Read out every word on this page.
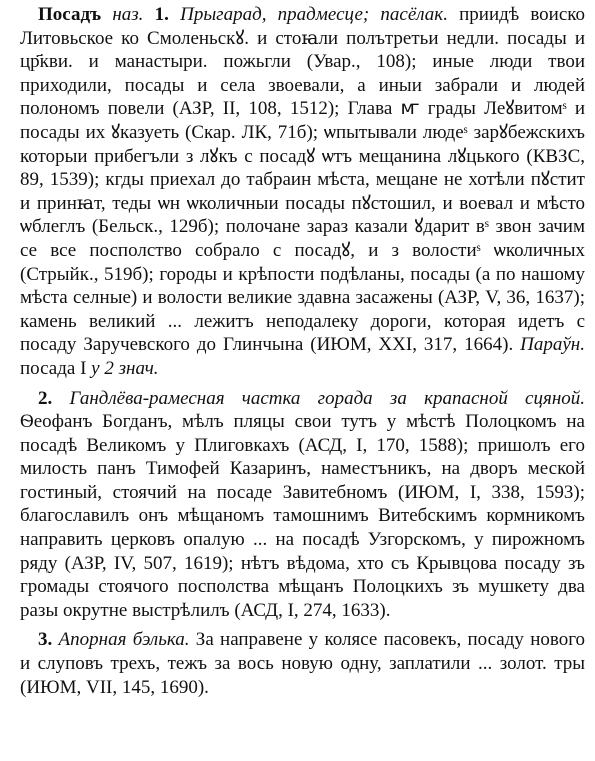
Посадъ наз. 1. Прыгарад, прадмесце; пасёлак. приидѣ воиско Литовьское ко Смоленьскꙋ. и стоꙗли полътретьи недли. посады и цр҃кви. и манастыри. пожьгли (Увар., 108); иные люди твои приходили, посады и села звоевали, а иныи забрали и людей полономъ повели (АЗР, II, 108, 1512); Глава ꙧ грады Леꙋвитомˢ и посады их ꙋказуеть (Скар. ЛК, 71б); ѡпытывали людеˢ зарꙋбежскихъ которыи прибегъли з лꙋкъ с посадꙋ ѡтъ мещанина лꙋцького (КВЗС, 89, 1539); кгды приехал до табраин мѣста, мещане не хотѣли пꙋстит и принꙗт, теды ѡн ѡколичныи посады пꙋстошил, и воевал и мѣсто ѡблеглъ (Бельск., 129б); полочане зараз казали ꙋдарит вˢ звон зачим се все посполство собрало с посадꙋ, и з волостиˢ ѡколичных (Стрыйк., 519б); городы и крѣпости подѣланы, посады (а по нашому мѣста селные) и волости великие здавна засажены (АЗР, V, 36, 1637); камень великий ... лежитъ неподалеку дороги, которая идетъ с посаду Заручевского до Глинчына (ИЮМ, XXI, 317, 1664). Параўн. посада I у 2 знач.

2. Гандлёва-рамесная частка горада за крапасной сцяной. Ѳеофанъ Богданъ, мѣлъ пляцы свои тутъ у мѣстѣ Полоцкомъ на посадѣ Великомъ у Плиговкахъ (АСД, I, 170, 1588); пришолъ его милость панъ Тимофей Казаринъ, наместъникъ, на дворъ меской гостиный, стоячий на посаде Завитебномъ (ИЮМ, I, 338, 1593); благославилъ онъ мѣщаномъ тамошнимъ Витебскимъ кормникомъ направить церковъ опалую ... на посадѣ Узгорскомъ, у пирожномъ ряду (АЗР, IV, 507, 1619); нѣтъ вѣдома, хто съ Крывцова посаду зъ громады стоячого посполства мѣщанъ Полоцкихъ зъ мушкету два разы окрутне выстрѣлилъ (АСД, I, 274, 1633).

3. Апорная бэлька. За направене у колясе пасовекъ, посаду нового и слуповъ трехъ, тежъ за вось новую одну, заплатили ... золот. тры (ИЮМ, VII, 145, 1690).
